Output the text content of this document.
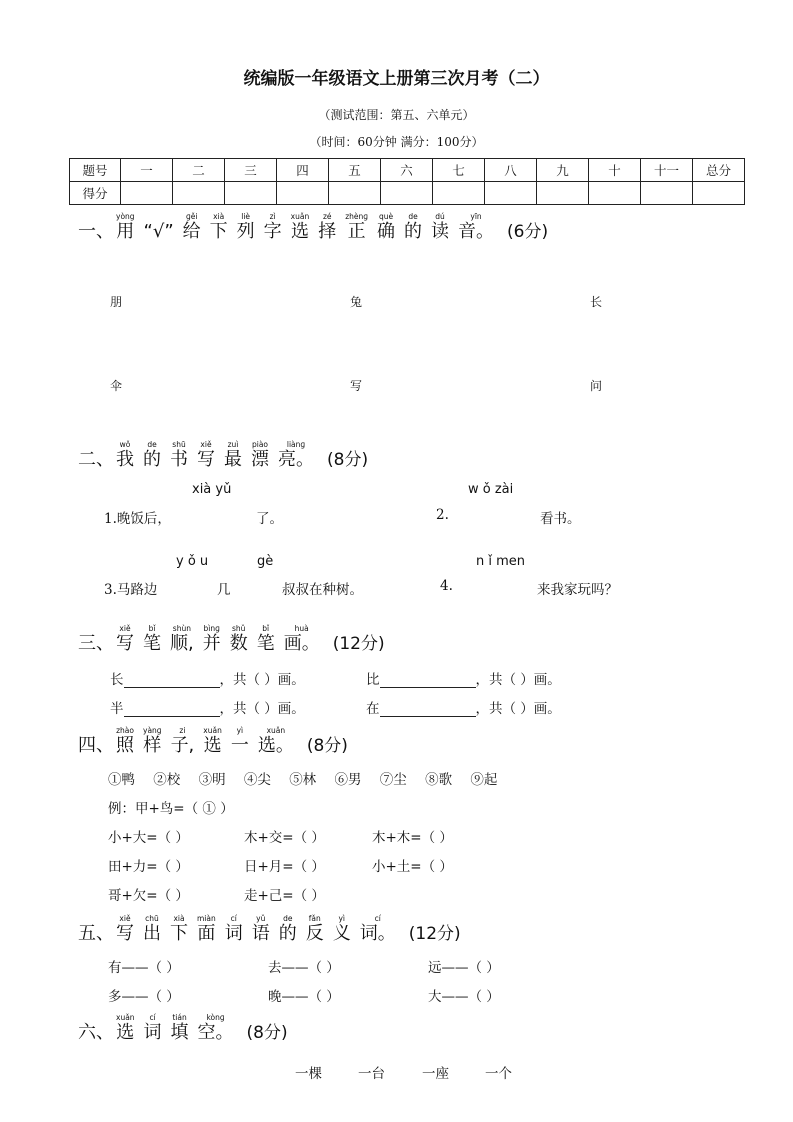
统编版一年级语文上册第三次月考（二）
（测试范围：第五、六单元）
（时间：60分钟 满分：100分）
题号	一	二	三	四	五	六	七	八	九	十	十一	总分
得分												
一、
yòng
用 “√”
ɡěi
给
xià
下
liè
列
zì
字
xuǎn
选
zé
择
zhènɡ
正
què
确
de
的
dú
读
yīn
音。 (6分)
朋	兔	长
伞	写	问
二、
wǒ
我
de
的
shū
书
xiě
写
zuì
最
piào
漂
liànɡ
亮。 (8分)
xià yǔ	w ǒ zài
1.晚饭后，	了。	2.	看书。
y ǒ u	gè	n ǐ men
3.马路边	几	叔叔在种树。	4.	来我家玩吗？
三、
xiě
写
bǐ
笔
shùn
顺,
bìnɡ
并
shǔ
数
bǐ
笔
huà
画。 (12分)
长	，共（ ）画。	比	，共（ ）画。
半	，共（ ）画。	在	，共（ ）画。
四、
zhào
照
yànɡ
样
zi
子,
xuǎn
选
yì
一
xuǎn
选。 (8分)
①鸭 ②校 ③明 ④尖 ⑤林 ⑥男 ⑦尘 ⑧歌 ⑨起
例：甲+鸟=（ ① ）
小+大=（ ）	木+交=（ ）	木+木=（ ）
田+力=（ ）	日+月=（ ）	小+土=（ ）
哥+欠=（ ）	走+己=（ ）
五、
xiě
写
chū
出
xià
下
miàn
面
cí
词
yǔ
语
de
的
fǎn
反
yì
义
cí
词。 (12分)
有——（ ）	去——（ ）	远——（ ）
多——（ ）	晚——（ ）	大——（ ）
六、
xuǎn
选
cí
词
tián
填
kònɡ
空。 (8分)
一棵	一台	一座	一个
